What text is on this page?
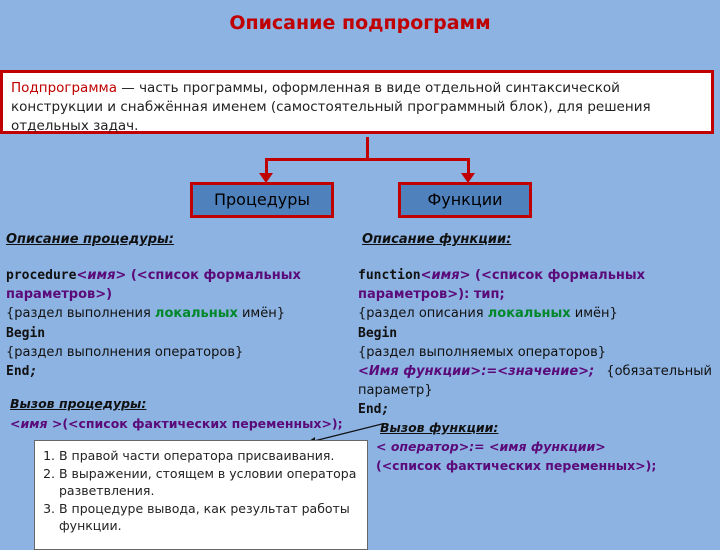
Описание подпрограмм
Подпрограмма — часть программы, оформленная в виде отдельной синтаксической конструкции и снабжённая именем (самостоятельный программный блок), для решения отдельных задач.
Процедуры	Функции
Описание процедуры:
procedure<имя> (<список формальных параметров>)
{раздел выполнения локальных имён}
Begin
{раздел выполнения операторов}
End;
Вызов процедуры:
<имя >(<список фактических переменных>);
Описание функции:
function<имя> (<список формальных параметров>): тип;
{раздел описания локальных имён}
Begin
{раздел выполняемых операторов}
<Имя функции>:=<значение>; {обязательный
параметр}
End;
Вызов функции:
< оператор>:= <имя функции>
(<список фактических переменных>);
1. В правой части оператора присваивания.
2. В выражении, стоящем в условии оператора разветвления.
3. В процедуре вывода, как результат работы функции.
